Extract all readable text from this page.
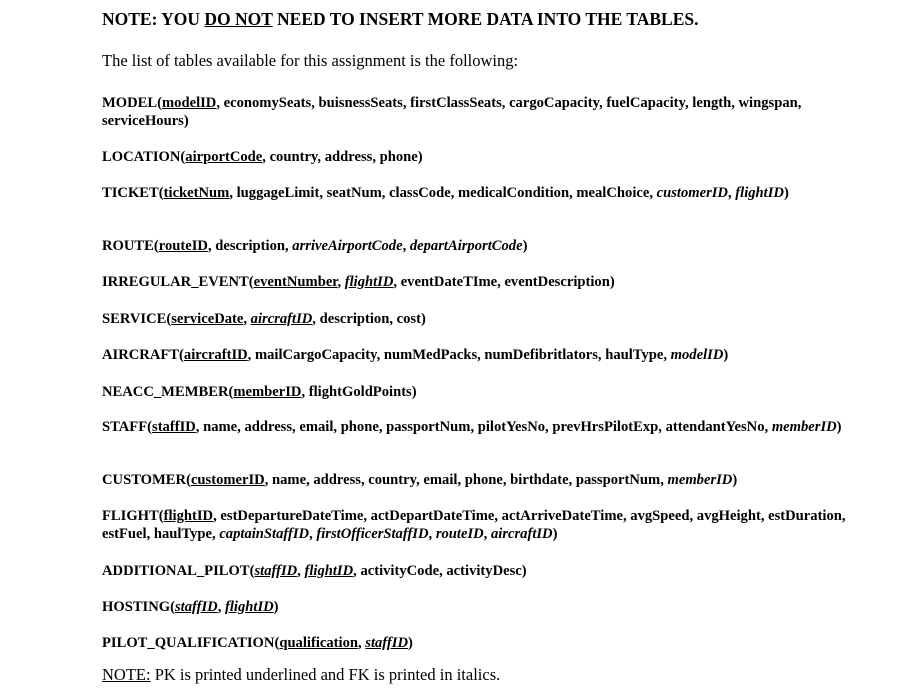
NOTE: YOU DO NOT NEED TO INSERT MORE DATA INTO THE TABLES.
The list of tables available for this assignment is the following:
MODEL(modelID, economySeats, buisnessSeats, firstClassSeats, cargoCapacity, fuelCapacity, length, wingspan, serviceHours)
LOCATION(airportCode, country, address, phone)
TICKET(ticketNum, luggageLimit, seatNum, classCode, medicalCondition, mealChoice, customerID, flightID)
ROUTE(routeID, description, arriveAirportCode, departAirportCode)
IRREGULAR_EVENT(eventNumber, flightID, eventDateTIme, eventDescription)
SERVICE(serviceDate, aircraftID, description, cost)
AIRCRAFT(aircraftID, mailCargoCapacity, numMedPacks, numDefibritlators, haulType, modelID)
NEACC_MEMBER(memberID, flightGoldPoints)
STAFF(staffID, name, address, email, phone, passportNum, pilotYesNo, prevHrsPilotExp, attendantYesNo, memberID)
CUSTOMER(customerID, name, address, country, email, phone, birthdate, passportNum, memberID)
FLIGHT(flightID, estDepartureDateTime, actDepartDateTime, actArriveDateTime, avgSpeed, avgHeight, estDuration, estFuel, haulType, captainStaffID, firstOfficerStaffID, routeID, aircraftID)
ADDITIONAL_PILOT(staffID, flightID, activityCode, activityDesc)
HOSTING(staffID, flightID)
PILOT_QUALIFICATION(qualification, staffID)
NOTE: PK is printed underlined and FK is printed in italics.
